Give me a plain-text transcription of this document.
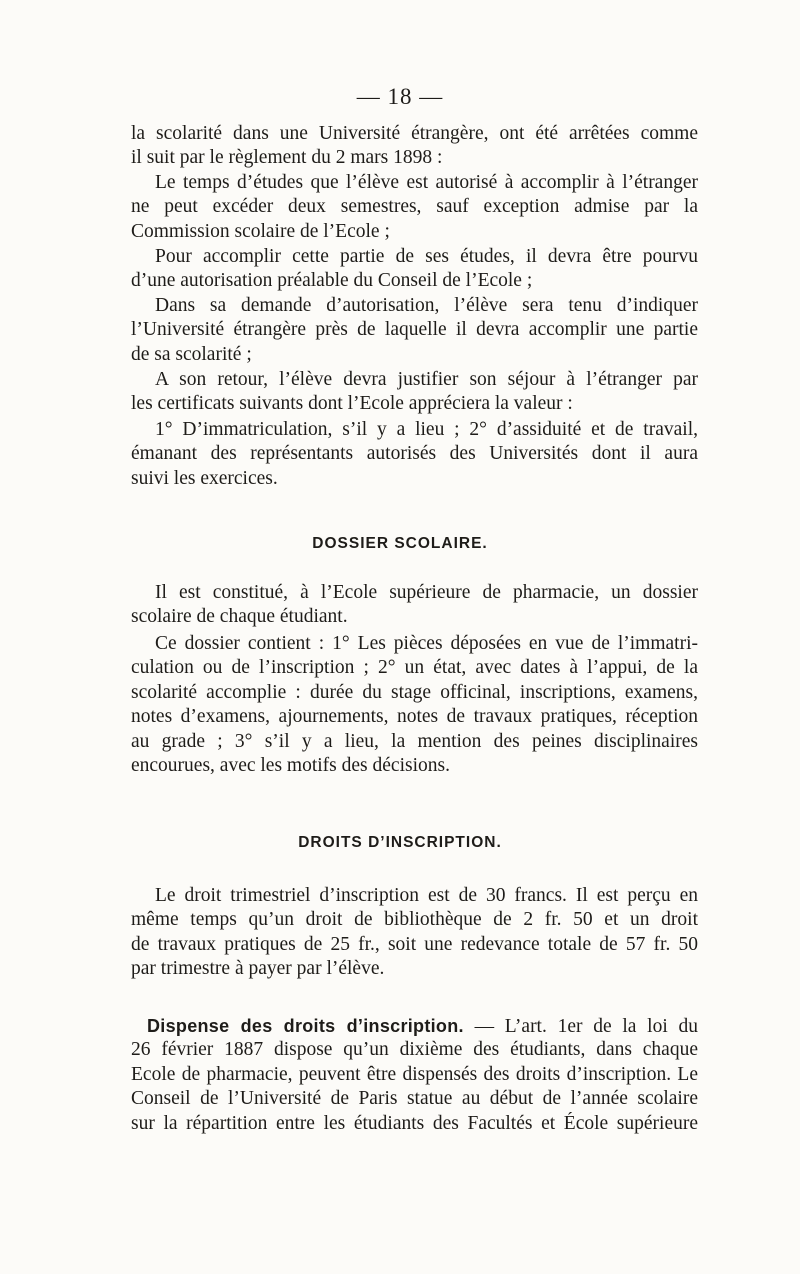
— 18 —
la scolarité dans une Université étrangère, ont été arrêtées comme
il suit par le règlement du 2 mars 1898 :
Le temps d’études que l’élève est autorisé à accomplir à l’étranger
ne peut excéder deux semestres, sauf exception admise par la
Commission scolaire de l’Ecole ;
Pour accomplir cette partie de ses études, il devra être pourvu
d’une autorisation préalable du Conseil de l’Ecole ;
Dans sa demande d’autorisation, l’élève sera tenu d’indiquer
l’Université étrangère près de laquelle il devra accomplir une partie
de sa scolarité ;
A son retour, l’élève devra justifier son séjour à l’étranger par
les certificats suivants dont l’Ecole appréciera la valeur :
1° D’immatriculation, s’il y a lieu ; 2° d’assiduité et de travail,
émanant des représentants autorisés des Universités dont il aura
suivi les exercices.
DOSSIER SCOLAIRE.
Il est constitué, à l’Ecole supérieure de pharmacie, un dossier
scolaire de chaque étudiant.
Ce dossier contient : 1° Les pièces déposées en vue de l’immatri-
culation ou de l’inscription ; 2° un état, avec dates à l’appui, de la
scolarité accomplie : durée du stage officinal, inscriptions, examens,
notes d’examens, ajournements, notes de travaux pratiques, réception
au grade ; 3° s’il y a lieu, la mention des peines disciplinaires
encourues, avec les motifs des décisions.
DROITS D’INSCRIPTION.
Le droit trimestriel d’inscription est de 30 francs. Il est perçu en
même temps qu’un droit de bibliothèque de 2 fr. 50 et un droit
de travaux pratiques de 25 fr., soit une redevance totale de 57 fr. 50
par trimestre à payer par l’élève.
Dispense des droits d’inscription. — L’art. 1er de la loi du
26 février 1887 dispose qu’un dixième des étudiants, dans chaque
Ecole de pharmacie, peuvent être dispensés des droits d’inscription. Le
Conseil de l’Université de Paris statue au début de l’année scolaire
sur la répartition entre les étudiants des Facultés et École supérieure
